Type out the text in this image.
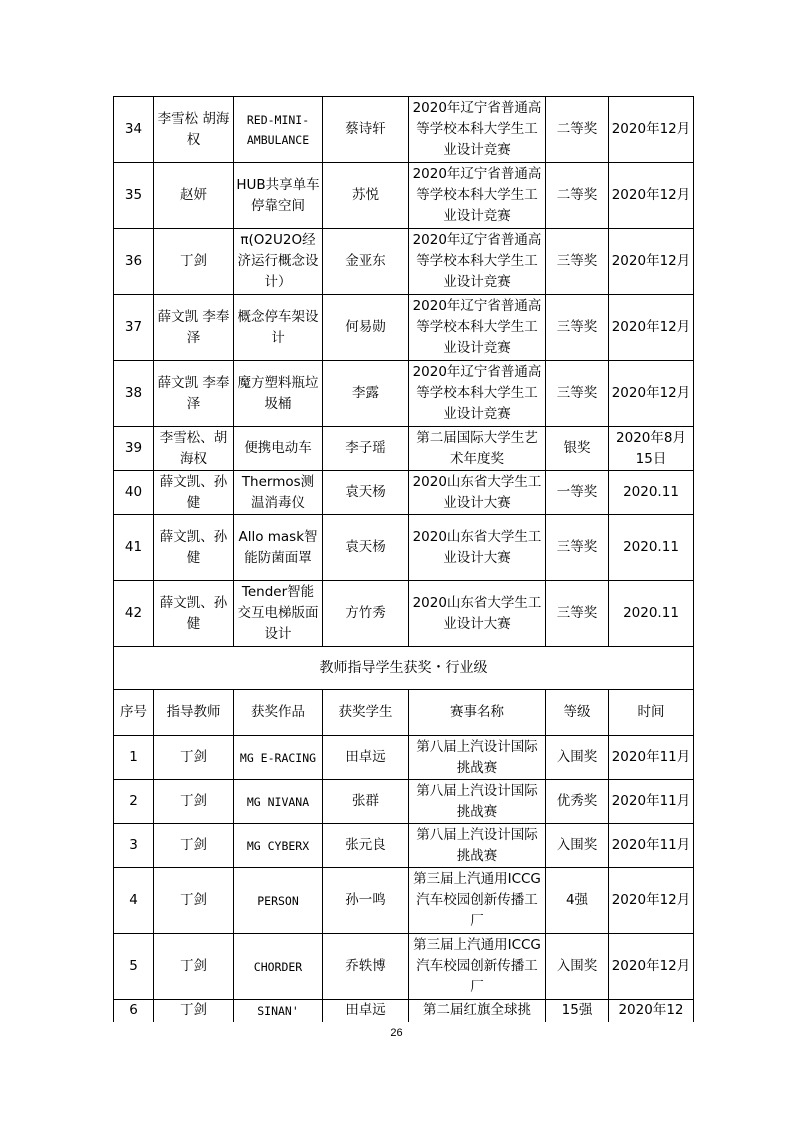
34	李雪松 胡海权	RED-MINI-AMBULANCE	蔡诗轩	2020年辽宁省普通高等学校本科大学生工业设计竞赛	二等奖	2020年12月
35	赵妍	HUB共享单车停靠空间	苏悦	2020年辽宁省普通高等学校本科大学生工业设计竞赛	二等奖	2020年12月
36	丁剑	π(O2U2O经济运行概念设计）	金亚东	2020年辽宁省普通高等学校本科大学生工业设计竞赛	三等奖	2020年12月
37	薛文凯 李奉泽	概念停车架设计	何易勋	2020年辽宁省普通高等学校本科大学生工业设计竞赛	三等奖	2020年12月
38	薛文凯 李奉泽	魔方塑料瓶垃圾桶	李露	2020年辽宁省普通高等学校本科大学生工业设计竞赛	三等奖	2020年12月
39	李雪松、胡海权	便携电动车	李子瑶	第二届国际大学生艺术年度奖	银奖	2020年8月15日
40	薛文凯、孙健	Thermos测温消毒仪	袁天杨	2020山东省大学生工业设计大赛	一等奖	2020.11
41	薛文凯、孙健	Allo mask智能防菌面罩	袁天杨	2020山东省大学生工业设计大赛	三等奖	2020.11
42	薛文凯、孙健	Tender智能交互电梯版面设计	方竹秀	2020山东省大学生工业设计大赛	三等奖	2020.11
教师指导学生获奖・行业级						
序号	指导教师	获奖作品	获奖学生	赛事名称	等级	时间
1	丁剑	MG E-RACING	田卓远	第八届上汽设计国际挑战赛	入围奖	2020年11月
2	丁剑	MG NIVANA	张群	第八届上汽设计国际挑战赛	优秀奖	2020年11月
3	丁剑	MG CYBERX	张元良	第八届上汽设计国际挑战赛	入围奖	2020年11月
4	丁剑	PERSON	孙一鸣	第三届上汽通用ICCG汽车校园创新传播工厂	4强	2020年12月
5	丁剑	CHORDER	乔轶博	第三届上汽通用ICCG汽车校园创新传播工厂	入围奖	2020年12月
6	丁剑	SINAN'	田卓远	第二届红旗全球挑	15强	2020年12
26
